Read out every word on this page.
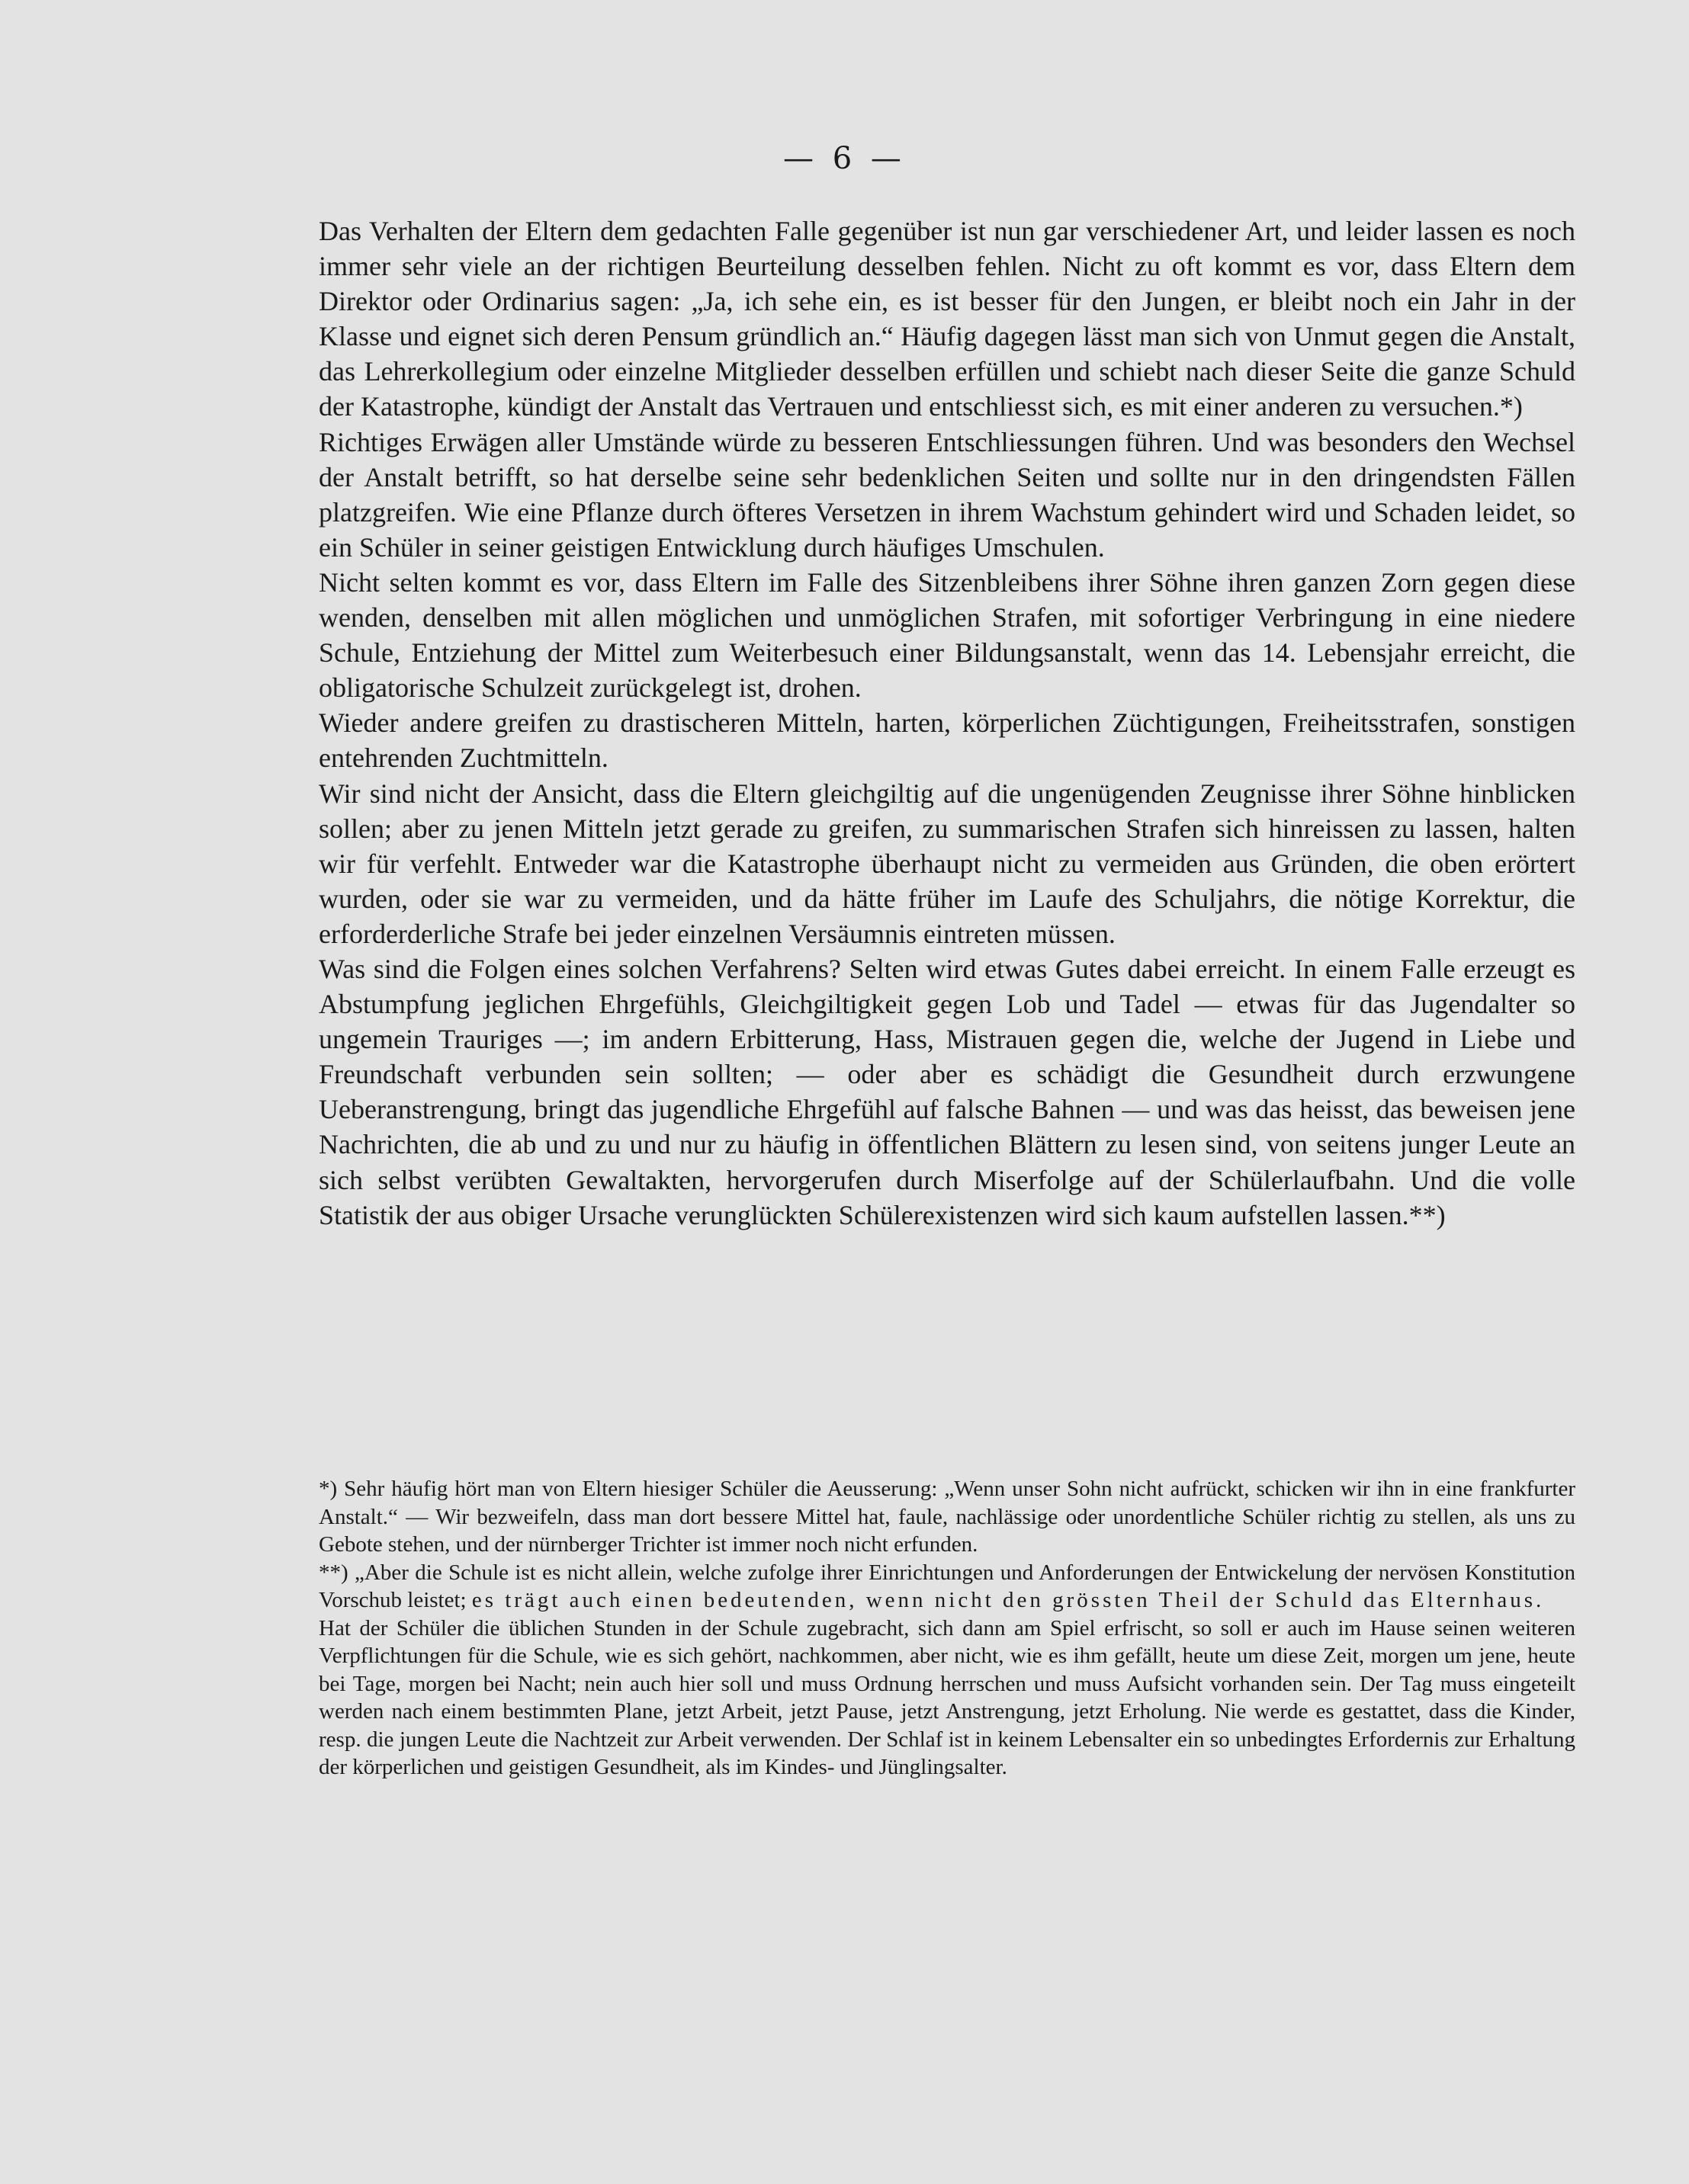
— 6 —

Das Verhalten der Eltern dem gedachten Falle gegenüber ist nun gar verschiedener Art, und leider lassen es noch immer sehr viele an der richtigen Beurteilung desselben fehlen. Nicht zu oft kommt es vor, dass Eltern dem Direktor oder Ordinarius sagen: „Ja, ich sehe ein, es ist besser für den Jungen, er bleibt noch ein Jahr in der Klasse und eignet sich deren Pensum gründlich an.“ Häufig dagegen lässt man sich von Unmut gegen die Anstalt, das Lehrerkollegium oder einzelne Mitglieder desselben erfüllen und schiebt nach dieser Seite die ganze Schuld der Katastrophe, kündigt der Anstalt das Vertrauen und entschliesst sich, es mit einer anderen zu versuchen.*)

Richtiges Erwägen aller Umstände würde zu besseren Entschliessungen führen. Und was besonders den Wechsel der Anstalt betrifft, so hat derselbe seine sehr bedenklichen Seiten und sollte nur in den dringendsten Fällen platzgreifen. Wie eine Pflanze durch öfteres Versetzen in ihrem Wachstum gehindert wird und Schaden leidet, so ein Schüler in seiner geistigen Entwicklung durch häufiges Umschulen.

Nicht selten kommt es vor, dass Eltern im Falle des Sitzenbleibens ihrer Söhne ihren ganzen Zorn gegen diese wenden, denselben mit allen möglichen und unmöglichen Strafen, mit sofortiger Verbringung in eine niedere Schule, Entziehung der Mittel zum Weiterbesuch einer Bildungsanstalt, wenn das 14. Lebensjahr erreicht, die obligatorische Schulzeit zurückgelegt ist, drohen.

Wieder andere greifen zu drastischeren Mitteln, harten, körperlichen Züchtigungen, Freiheitsstrafen, sonstigen entehrenden Zuchtmitteln.

Wir sind nicht der Ansicht, dass die Eltern gleichgiltig auf die ungenügenden Zeugnisse ihrer Söhne hinblicken sollen; aber zu jenen Mitteln jetzt gerade zu greifen, zu summarischen Strafen sich hinreissen zu lassen, halten wir für verfehlt. Entweder war die Katastrophe überhaupt nicht zu vermeiden aus Gründen, die oben erörtert wurden, oder sie war zu vermeiden, und da hätte früher im Laufe des Schuljahrs, die nötige Korrektur, die erforderderliche Strafe bei jeder einzelnen Versäumnis eintreten müssen.

Was sind die Folgen eines solchen Verfahrens? Selten wird etwas Gutes dabei erreicht. In einem Falle erzeugt es Abstumpfung jeglichen Ehrgefühls, Gleichgiltigkeit gegen Lob und Tadel — etwas für das Jugendalter so ungemein Trauriges —; im andern Erbitterung, Hass, Mistrauen gegen die, welche der Jugend in Liebe und Freundschaft verbunden sein sollten; — oder aber es schädigt die Gesundheit durch erzwungene Ueberanstrengung, bringt das jugendliche Ehrgefühl auf falsche Bahnen — und was das heisst, das beweisen jene Nachrichten, die ab und zu und nur zu häufig in öffentlichen Blättern zu lesen sind, von seitens junger Leute an sich selbst verübten Gewaltakten, hervorgerufen durch Miserfolge auf der Schülerlaufbahn. Und die volle Statistik der aus obiger Ursache verunglückten Schülerexistenzen wird sich kaum aufstellen lassen.**)

*) Sehr häufig hört man von Eltern hiesiger Schüler die Aeusserung: „Wenn unser Sohn nicht aufrückt, schicken wir ihn in eine frankfurter Anstalt.“ — Wir bezweifeln, dass man dort bessere Mittel hat, faule, nachlässige oder unordentliche Schüler richtig zu stellen, als uns zu Gebote stehen, und der nürnberger Trichter ist immer noch nicht erfunden.

**) „Aber die Schule ist es nicht allein, welche zufolge ihrer Einrichtungen und Anforderungen der Entwickelung der nervösen Konstitution Vorschub leistet; es trägt auch einen bedeutenden, wenn nicht den grössten Theil der Schuld das Elternhaus.

Hat der Schüler die üblichen Stunden in der Schule zugebracht, sich dann am Spiel erfrischt, so soll er auch im Hause seinen weiteren Verpflichtungen für die Schule, wie es sich gehört, nachkommen, aber nicht, wie es ihm gefällt, heute um diese Zeit, morgen um jene, heute bei Tage, morgen bei Nacht; nein auch hier soll und muss Ordnung herrschen und muss Aufsicht vorhanden sein. Der Tag muss eingeteilt werden nach einem bestimmten Plane, jetzt Arbeit, jetzt Pause, jetzt Anstrengung, jetzt Erholung. Nie werde es gestattet, dass die Kinder, resp. die jungen Leute die Nachtzeit zur Arbeit verwenden. Der Schlaf ist in keinem Lebensalter ein so unbedingtes Erfordernis zur Erhaltung der körperlichen und geistigen Gesundheit, als im Kindes- und Jünglingsalter.
